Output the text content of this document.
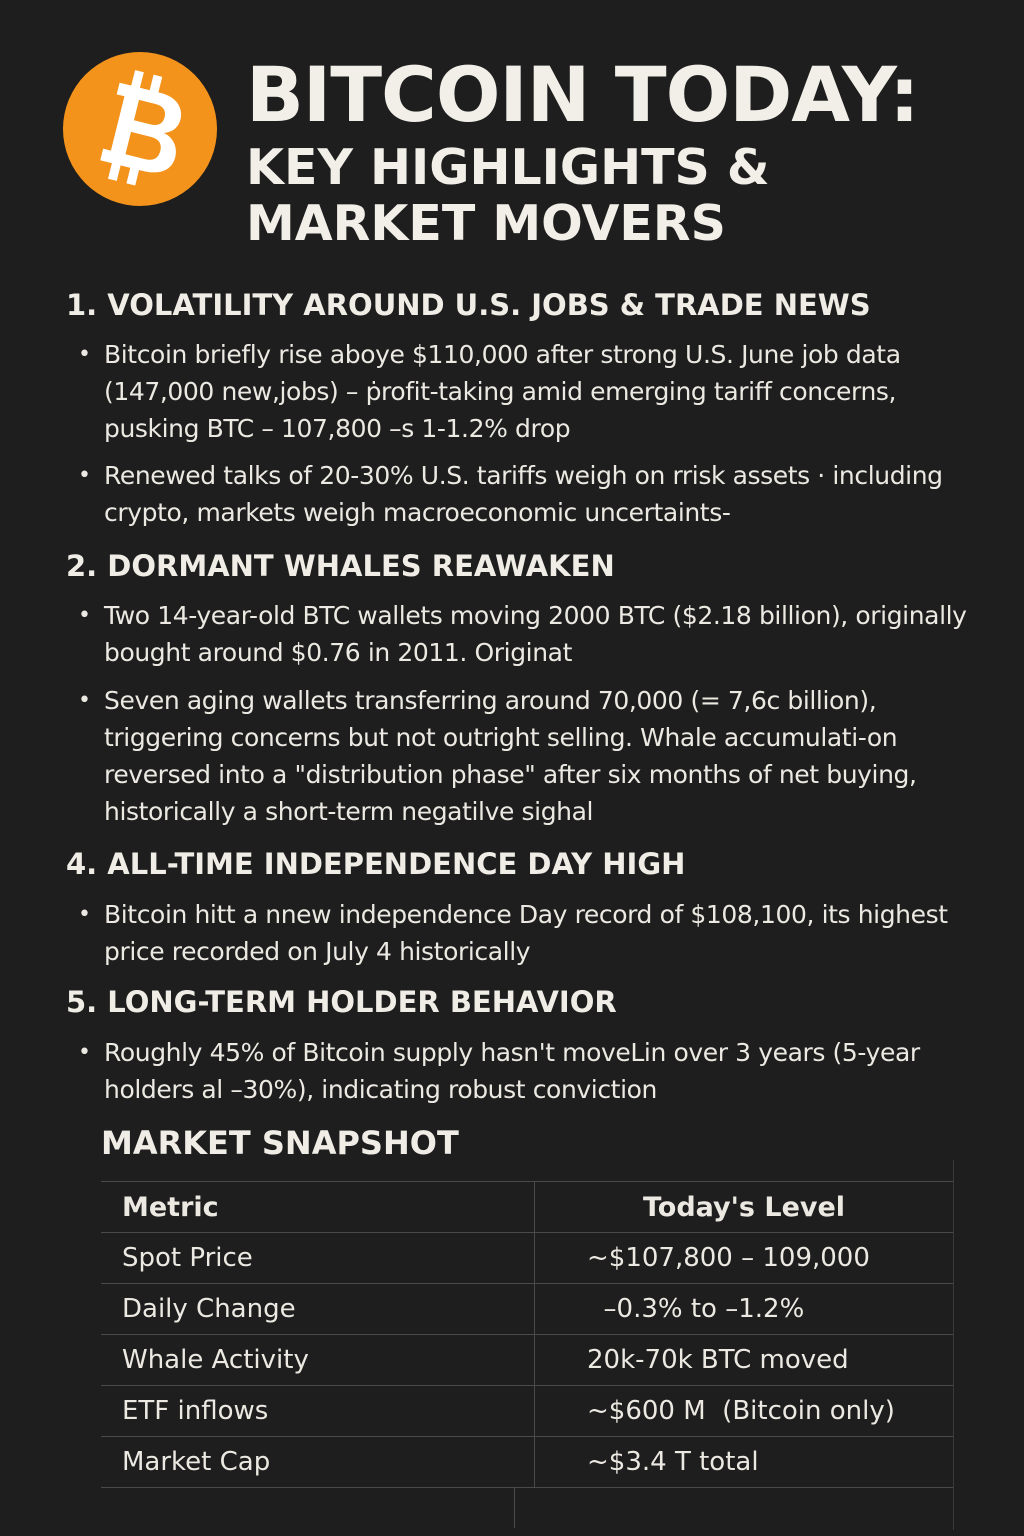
BITCOIN TODAY:
KEY HIGHLIGHTS &
MARKET MOVERS
1. VOLATILITY AROUND U.S. JOBS & TRADE NEWS

• Bitcoin briefly rise aboye $110,000 after strong U.S. June job data (147,000 new,jobs) – ṗrofit-taking amid emerging tariff concerns, pusking BTC – 107,800 –s 1-1.2% drop

• Renewed talks of 20-30% U.S. tariffs weigh on rrisk assets · including crypto, markets weigh macroeconomic uncertaints-

2. DORMANT WHALES REAWAKEN

• Two 14-year-old BTC wallets moving 2000 BTC ($2.18 billion), originally bought around $0.76 in 2011. Originat

• Seven aging wallets transferring around 70,000 (= 7,6c billion), triggering concerns but not outright selling. Whale accumulati-on reversed into a "distribution phase" after six months of net buying, historically a short-term negatilve sighal

4. ALL-TIME INDEPENDENCE DAY HIGH

• Bitcoin hitt a nnew independence Day record of $108,100, its highest price recorded on July 4 historically

5. LONG-TERM HOLDER BEHAVIOR

• Roughly 45% of Bitcoin supply hasn't moveLin over 3 years (5-year holders al –30%), indicating robust conviction

MARKET SNAPSHOT
Metric	Today's Level
Spot Price	~$107,800 – 109,000
Daily Change	–0.3% to –1.2%
Whale Activity	20k-70k BTC moved
ETF inflows	~$600 M  (Bitcoin only)
Market Cap	~$3.4 T total
